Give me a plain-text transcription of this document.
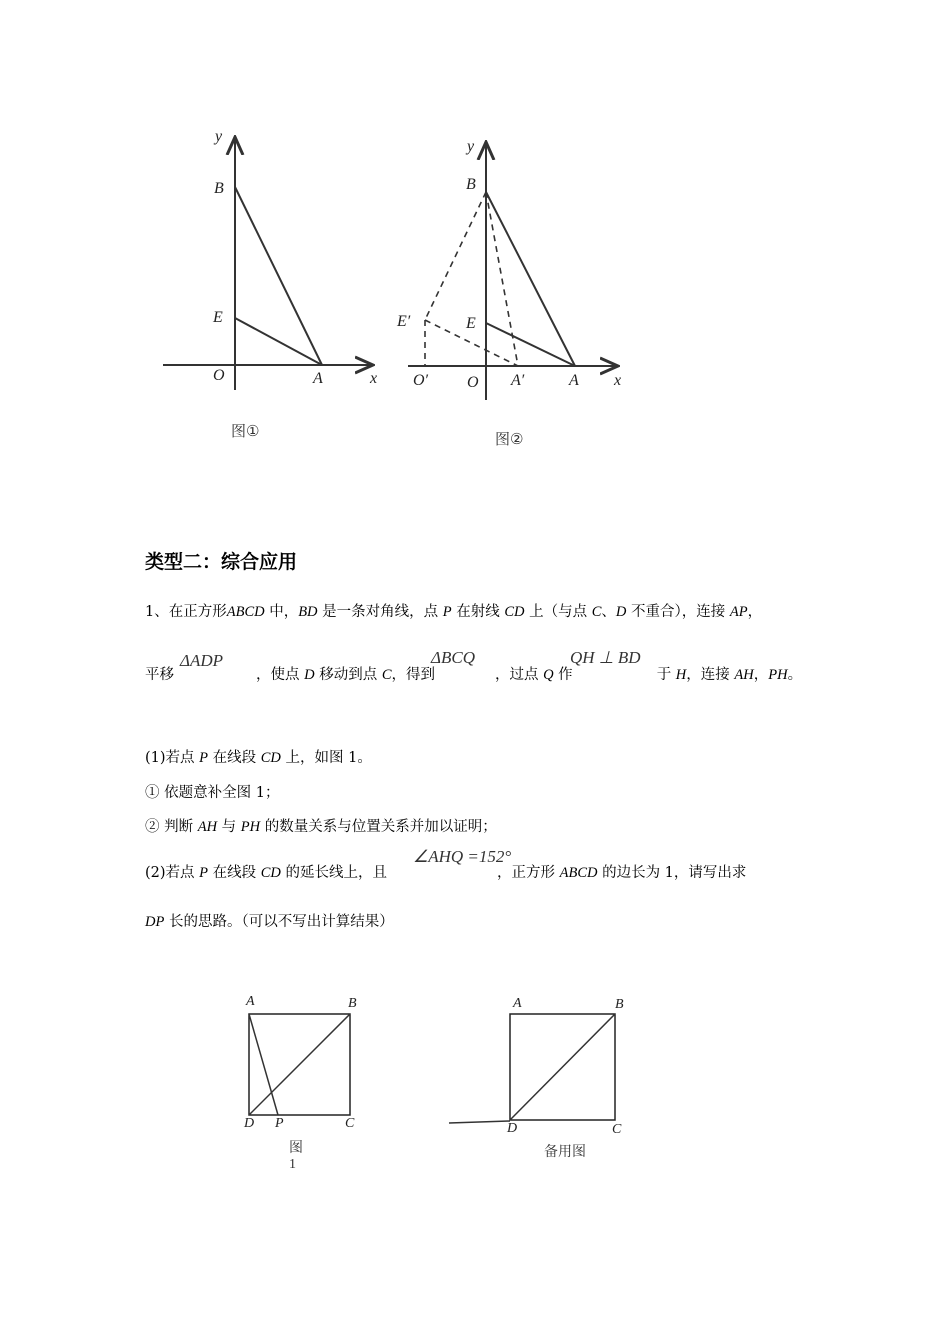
y
B
E
O	A	x
图①
y
B
E′	E
O′ O A′	A x
图②
类型二：综合应用
1、在正方形ABCD 中，BD 是一条对角线，点 P 在射线 CD 上（与点 C、D 不重合），连接 AP，
平移	，使点 D 移动到点 C，得到	，过点 Q 作	于 H，连接 AH，PH。
ΔADP	ΔBCQ	QH ⊥ BD
(1)若点 P 在线段 CD 上，如图 1。
① 依题意补全图 1；
② 判断 AH 与 PH 的数量关系与位置关系并加以证明；
(2)若点 P 在线段 CD 的延长线上，且	，正方形 ABCD 的边长为 1，请写出求
∠AHQ =152°
DP 长的思路。（可以不写出计算结果）
A	B
D P	C
图
1
A	B
D	C
备用图
